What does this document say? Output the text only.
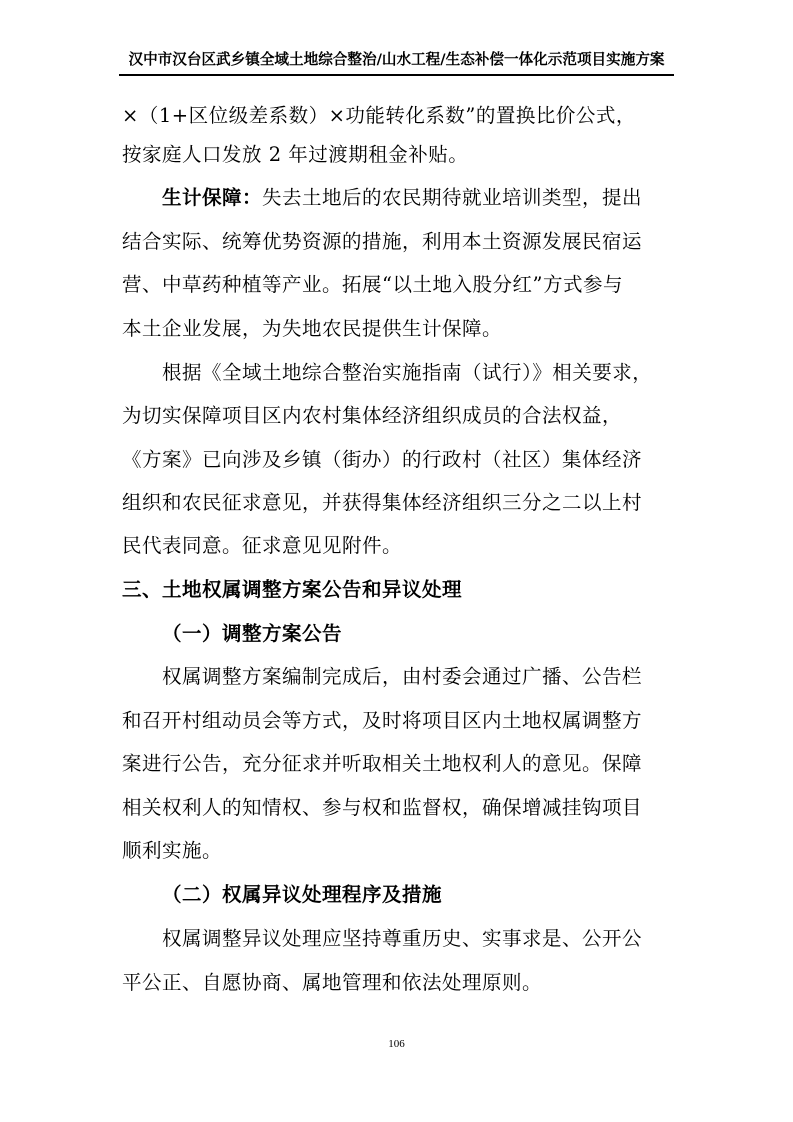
汉中市汉台区武乡镇全域土地综合整治/山水工程/生态补偿一体化示范项目实施方案
×（1+区位级差系数）×功能转化系数”的置换比价公式，
按家庭人口发放 2 年过渡期租金补贴。
生计保障：失去土地后的农民期待就业培训类型，提出
结合实际、统筹优势资源的措施，利用本土资源发展民宿运
营、中草药种植等产业。拓展“以土地入股分红”方式参与
本土企业发展，为失地农民提供生计保障。
根据《全域土地综合整治实施指南（试行）》相关要求，
为切实保障项目区内农村集体经济组织成员的合法权益，
《方案》已向涉及乡镇（街办）的行政村（社区）集体经济
组织和农民征求意见，并获得集体经济组织三分之二以上村
民代表同意。征求意见见附件。
三、土地权属调整方案公告和异议处理
（一）调整方案公告
权属调整方案编制完成后，由村委会通过广播、公告栏
和召开村组动员会等方式，及时将项目区内土地权属调整方
案进行公告，充分征求并听取相关土地权利人的意见。保障
相关权利人的知情权、参与权和监督权，确保增减挂钩项目
顺利实施。
（二）权属异议处理程序及措施
权属调整异议处理应坚持尊重历史、实事求是、公开公
平公正、自愿协商、属地管理和依法处理原则。
106
